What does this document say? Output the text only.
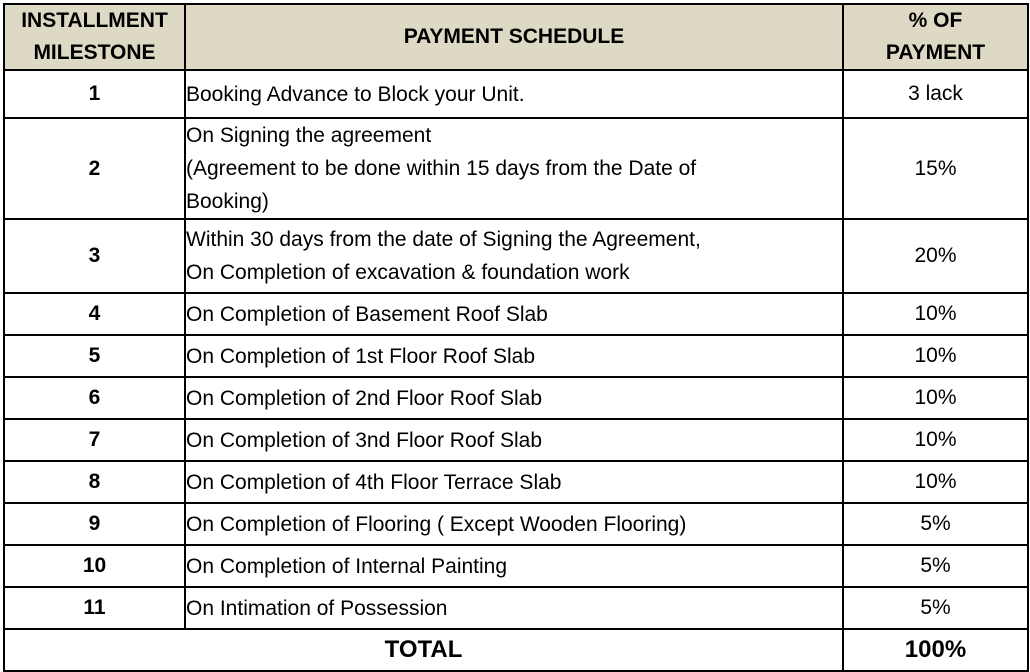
INSTALLMENT
MILESTONE	PAYMENT SCHEDULE	% OF
PAYMENT

1	Booking Advance to Block your Unit.	3 lack
2	On Signing the agreement
(Agreement to be done within 15 days from the Date of
Booking)	15%
3	Within 30 days from the date of Signing the Agreement,
On Completion of excavation & foundation work	20%
4	On Completion of Basement Roof Slab	10%
5	On Completion of 1st Floor Roof Slab	10%
6	On Completion of 2nd Floor Roof Slab	10%
7	On Completion of 3nd Floor Roof Slab	10%
8	On Completion of 4th Floor Terrace Slab	10%
9	On Completion of Flooring ( Except Wooden Flooring)	5%
10	On Completion of Internal Painting	5%
11	On Intimation of Possession	5%
TOTAL		100%
